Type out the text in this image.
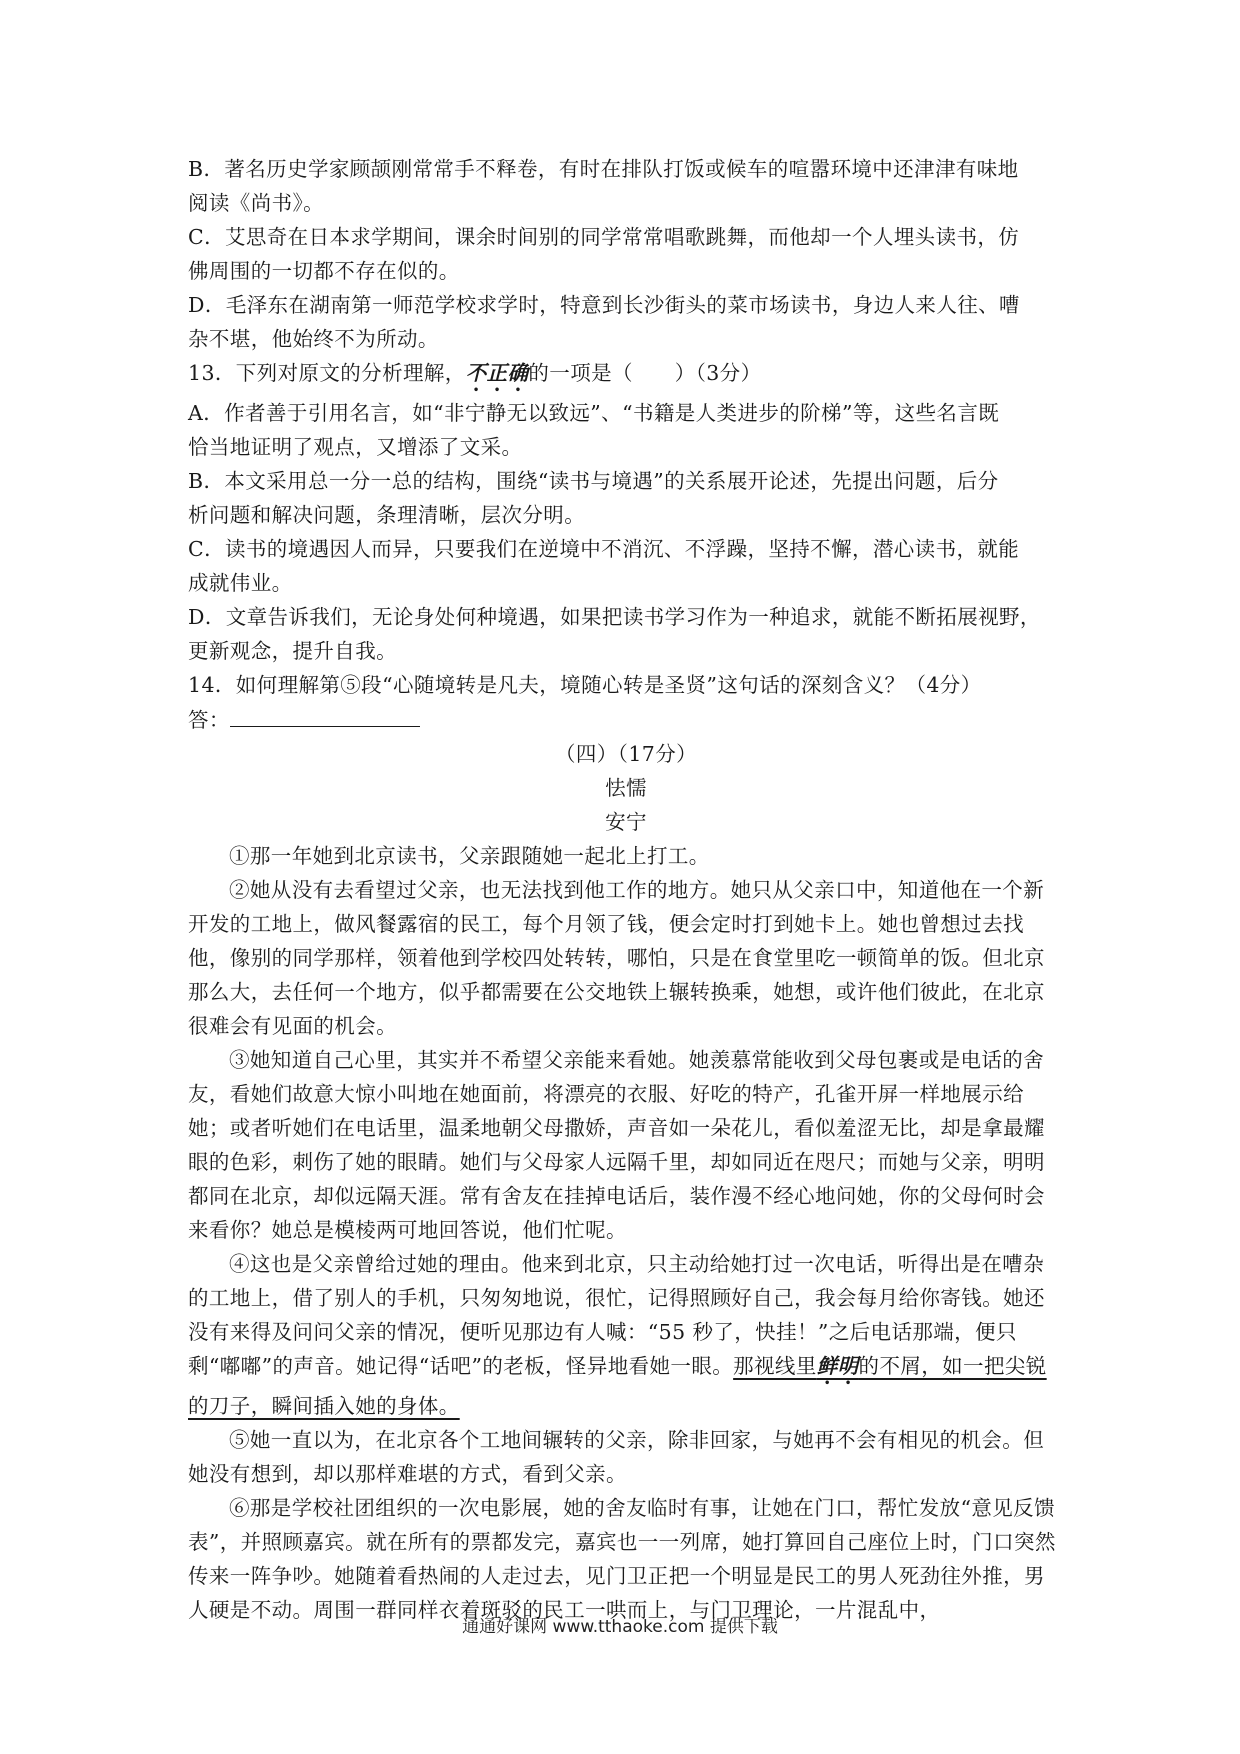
B．著名历史学家顾颉刚常常手不释卷，有时在排队打饭或候车的喧嚣环境中还津津有味地
阅读《尚书》。

C．艾思奇在日本求学期间，课余时间别的同学常常唱歌跳舞，而他却一个人埋头读书，仿
佛周围的一切都不存在似的。

D．毛泽东在湖南第一师范学校求学时，特意到长沙街头的菜市场读书，身边人来人往、嘈
杂不堪，他始终不为所动。

13．下列对原文的分析理解，不正确的一项是（　　）（3分）

A．作者善于引用名言，如“非宁静无以致远”、“书籍是人类进步的阶梯”等，这些名言既
恰当地证明了观点，又增添了文采。

B．本文采用总一分一总的结构，围绕“读书与境遇”的关系展开论述，先提出问题，后分
析问题和解决问题，条理清晰，层次分明。

C．读书的境遇因人而异，只要我们在逆境中不消沉、不浮躁，坚持不懈，潜心读书，就能
成就伟业。

D．文章告诉我们，无论身处何种境遇，如果把读书学习作为一种追求，就能不断拓展视野，
更新观念，提升自我。

14．如何理解第⑤段“心随境转是凡夫，境随心转是圣贤”这句话的深刻含义？（4分）

答：

（四）（17分）

怯懦

安宁

①那一年她到北京读书，父亲跟随她一起北上打工。

②她从没有去看望过父亲，也无法找到他工作的地方。她只从父亲口中，知道他在一个新开发的工地上，做风餐露宿的民工，每个月领了钱，便会定时打到她卡上。她也曾想过去找他，像别的同学那样，领着他到学校四处转转，哪怕，只是在食堂里吃一顿简单的饭。但北京那么大，去任何一个地方，似乎都需要在公交地铁上辗转换乘，她想，或许他们彼此，在北京很难会有见面的机会。

③她知道自己心里，其实并不希望父亲能来看她。她羡慕常能收到父母包裹或是电话的舍友，看她们故意大惊小叫地在她面前，将漂亮的衣服、好吃的特产，孔雀开屏一样地展示给她；或者听她们在电话里，温柔地朝父母撒娇，声音如一朵花儿，看似羞涩无比，却是拿最耀眼的色彩，刺伤了她的眼睛。她们与父母家人远隔千里，却如同近在咫尺；而她与父亲，明明都同在北京，却似远隔天涯。常有舍友在挂掉电话后，装作漫不经心地问她，你的父母何时会来看你？她总是模棱两可地回答说，他们忙呢。

④这也是父亲曾给过她的理由。他来到北京，只主动给她打过一次电话，听得出是在嘈杂的工地上，借了别人的手机，只匆匆地说，很忙，记得照顾好自己，我会每月给你寄钱。她还没有来得及问问父亲的情况，便听见那边有人喊：“55 秒了，快挂！”之后电话那端，便只剩“嘟嘟”的声音。她记得“话吧”的老板，怪异地看她一眼。那视线里鲜明的不屑，如一把尖锐的刀子，瞬间插入她的身体。

⑤她一直以为，在北京各个工地间辗转的父亲，除非回家，与她再不会有相见的机会。但她没有想到，却以那样难堪的方式，看到父亲。

⑥那是学校社团组织的一次电影展，她的舍友临时有事，让她在门口，帮忙发放“意见反馈表”，并照顾嘉宾。就在所有的票都发完，嘉宾也一一列席，她打算回自己座位上时，门口突然传来一阵争吵。她随着看热闹的人走过去，见门卫正把一个明显是民工的男人死劲往外推，男人硬是不动。周围一群同样衣着斑驳的民工一哄而上，与门卫理论，一片混乱中，

通通好课网 www.tthaoke.com 提供下载
